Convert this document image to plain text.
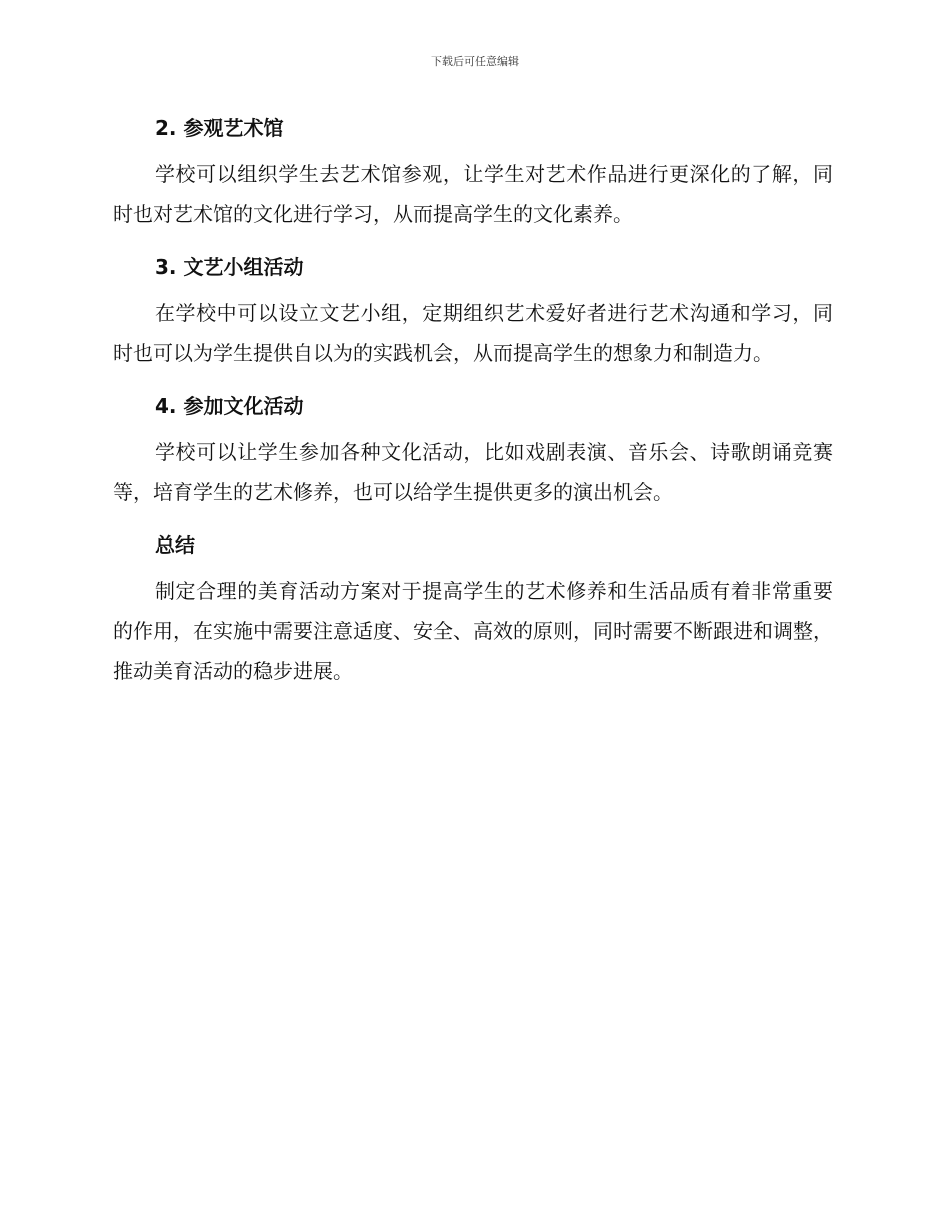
下载后可任意编辑
2. 参观艺术馆

学校可以组织学生去艺术馆参观，让学生对艺术作品进行更深化的了解，同时也对艺术馆的文化进行学习，从而提高学生的文化素养。

3. 文艺小组活动

在学校中可以设立文艺小组，定期组织艺术爱好者进行艺术沟通和学习，同时也可以为学生提供自以为的实践机会，从而提高学生的想象力和制造力。

4. 参加文化活动

学校可以让学生参加各种文化活动，比如戏剧表演、音乐会、诗歌朗诵竞赛等，培育学生的艺术修养，也可以给学生提供更多的演出机会。

总结

制定合理的美育活动方案对于提高学生的艺术修养和生活品质有着非常重要的作用，在实施中需要注意适度、安全、高效的原则，同时需要不断跟进和调整，推动美育活动的稳步进展。
